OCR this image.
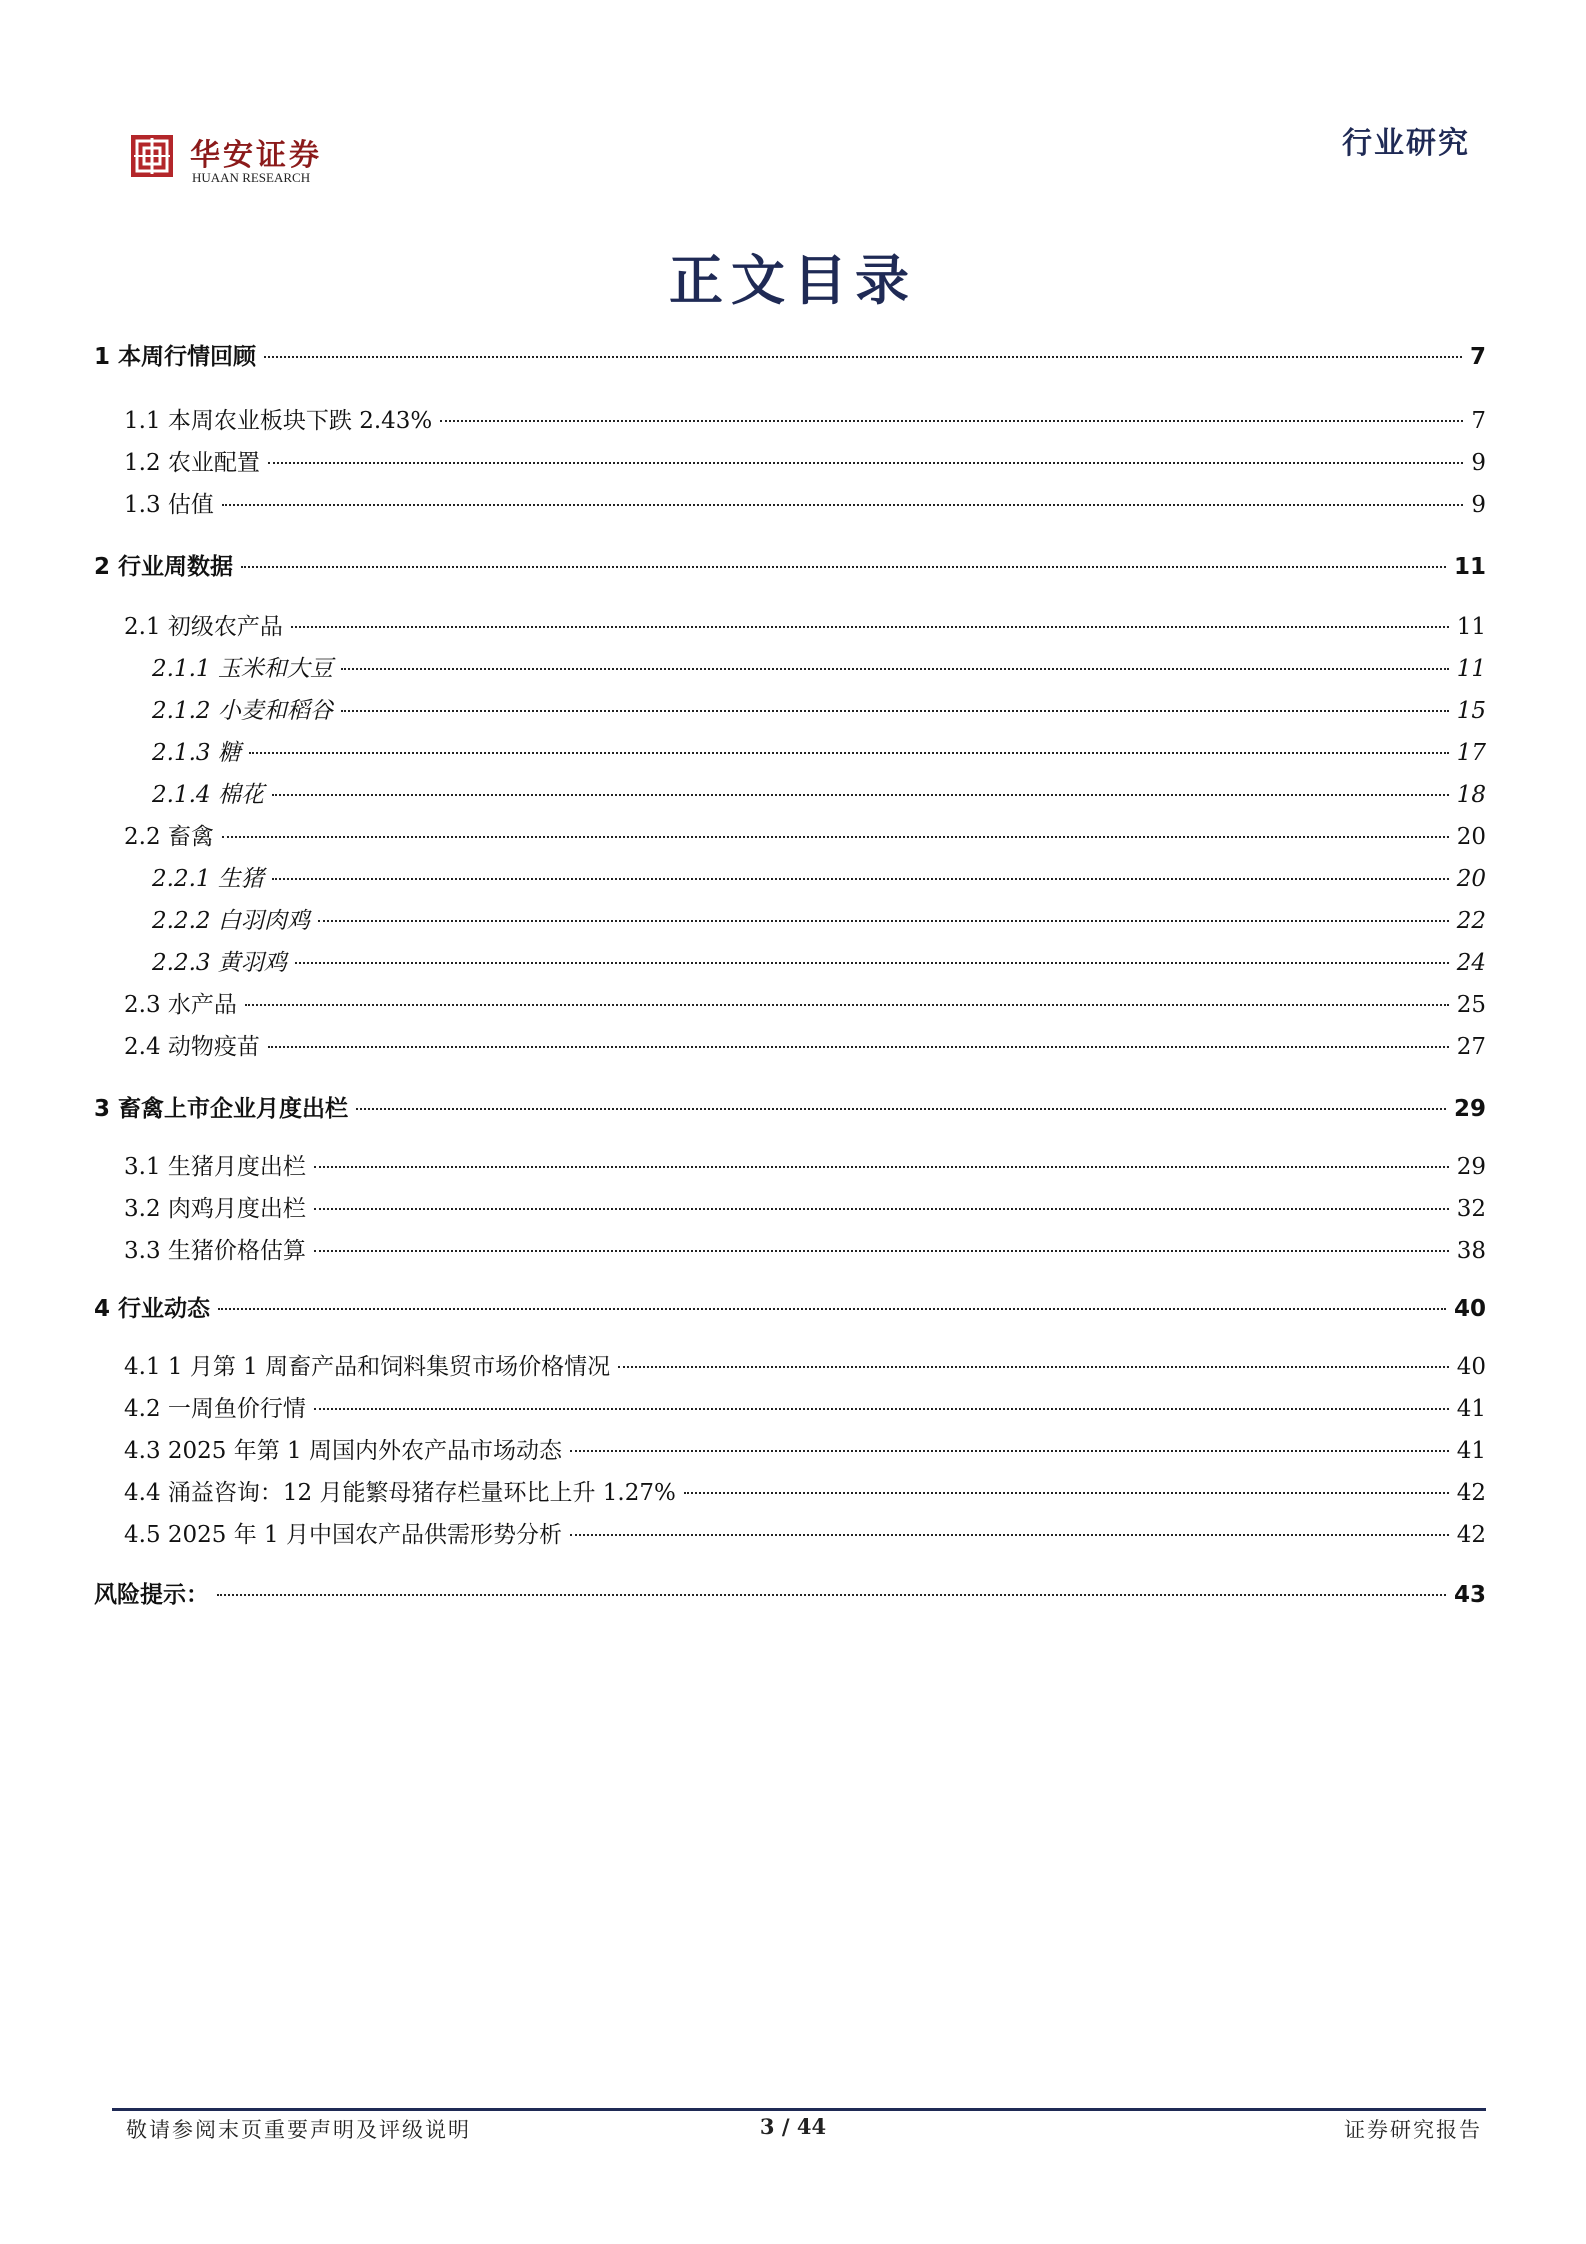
华安证券
HUAAN RESEARCH
行业研究
正文目录
1 本周行情回顾	7
1.1 本周农业板块下跌 2.43%	7
1.2 农业配置	9
1.3 估值	9
2 行业周数据	11
2.1 初级农产品	11
2.1.1 玉米和大豆	11
2.1.2 小麦和稻谷	15
2.1.3 糖	17
2.1.4 棉花	18
2.2 畜禽	20
2.2.1 生猪	20
2.2.2 白羽肉鸡	22
2.2.3 黄羽鸡	24
2.3 水产品	25
2.4 动物疫苗	27
3 畜禽上市企业月度出栏	29
3.1 生猪月度出栏	29
3.2 肉鸡月度出栏	32
3.3 生猪价格估算	38
4 行业动态	40
4.1 1 月第 1 周畜产品和饲料集贸市场价格情况	40
4.2 一周鱼价行情	41
4.3 2025 年第 1 周国内外农产品市场动态	41
4.4 涌益咨询：12 月能繁母猪存栏量环比上升 1.27%	42
4.5 2025 年 1 月中国农产品供需形势分析	42
风险提示：	43
敬请参阅末页重要声明及评级说明	3 / 44	证券研究报告
